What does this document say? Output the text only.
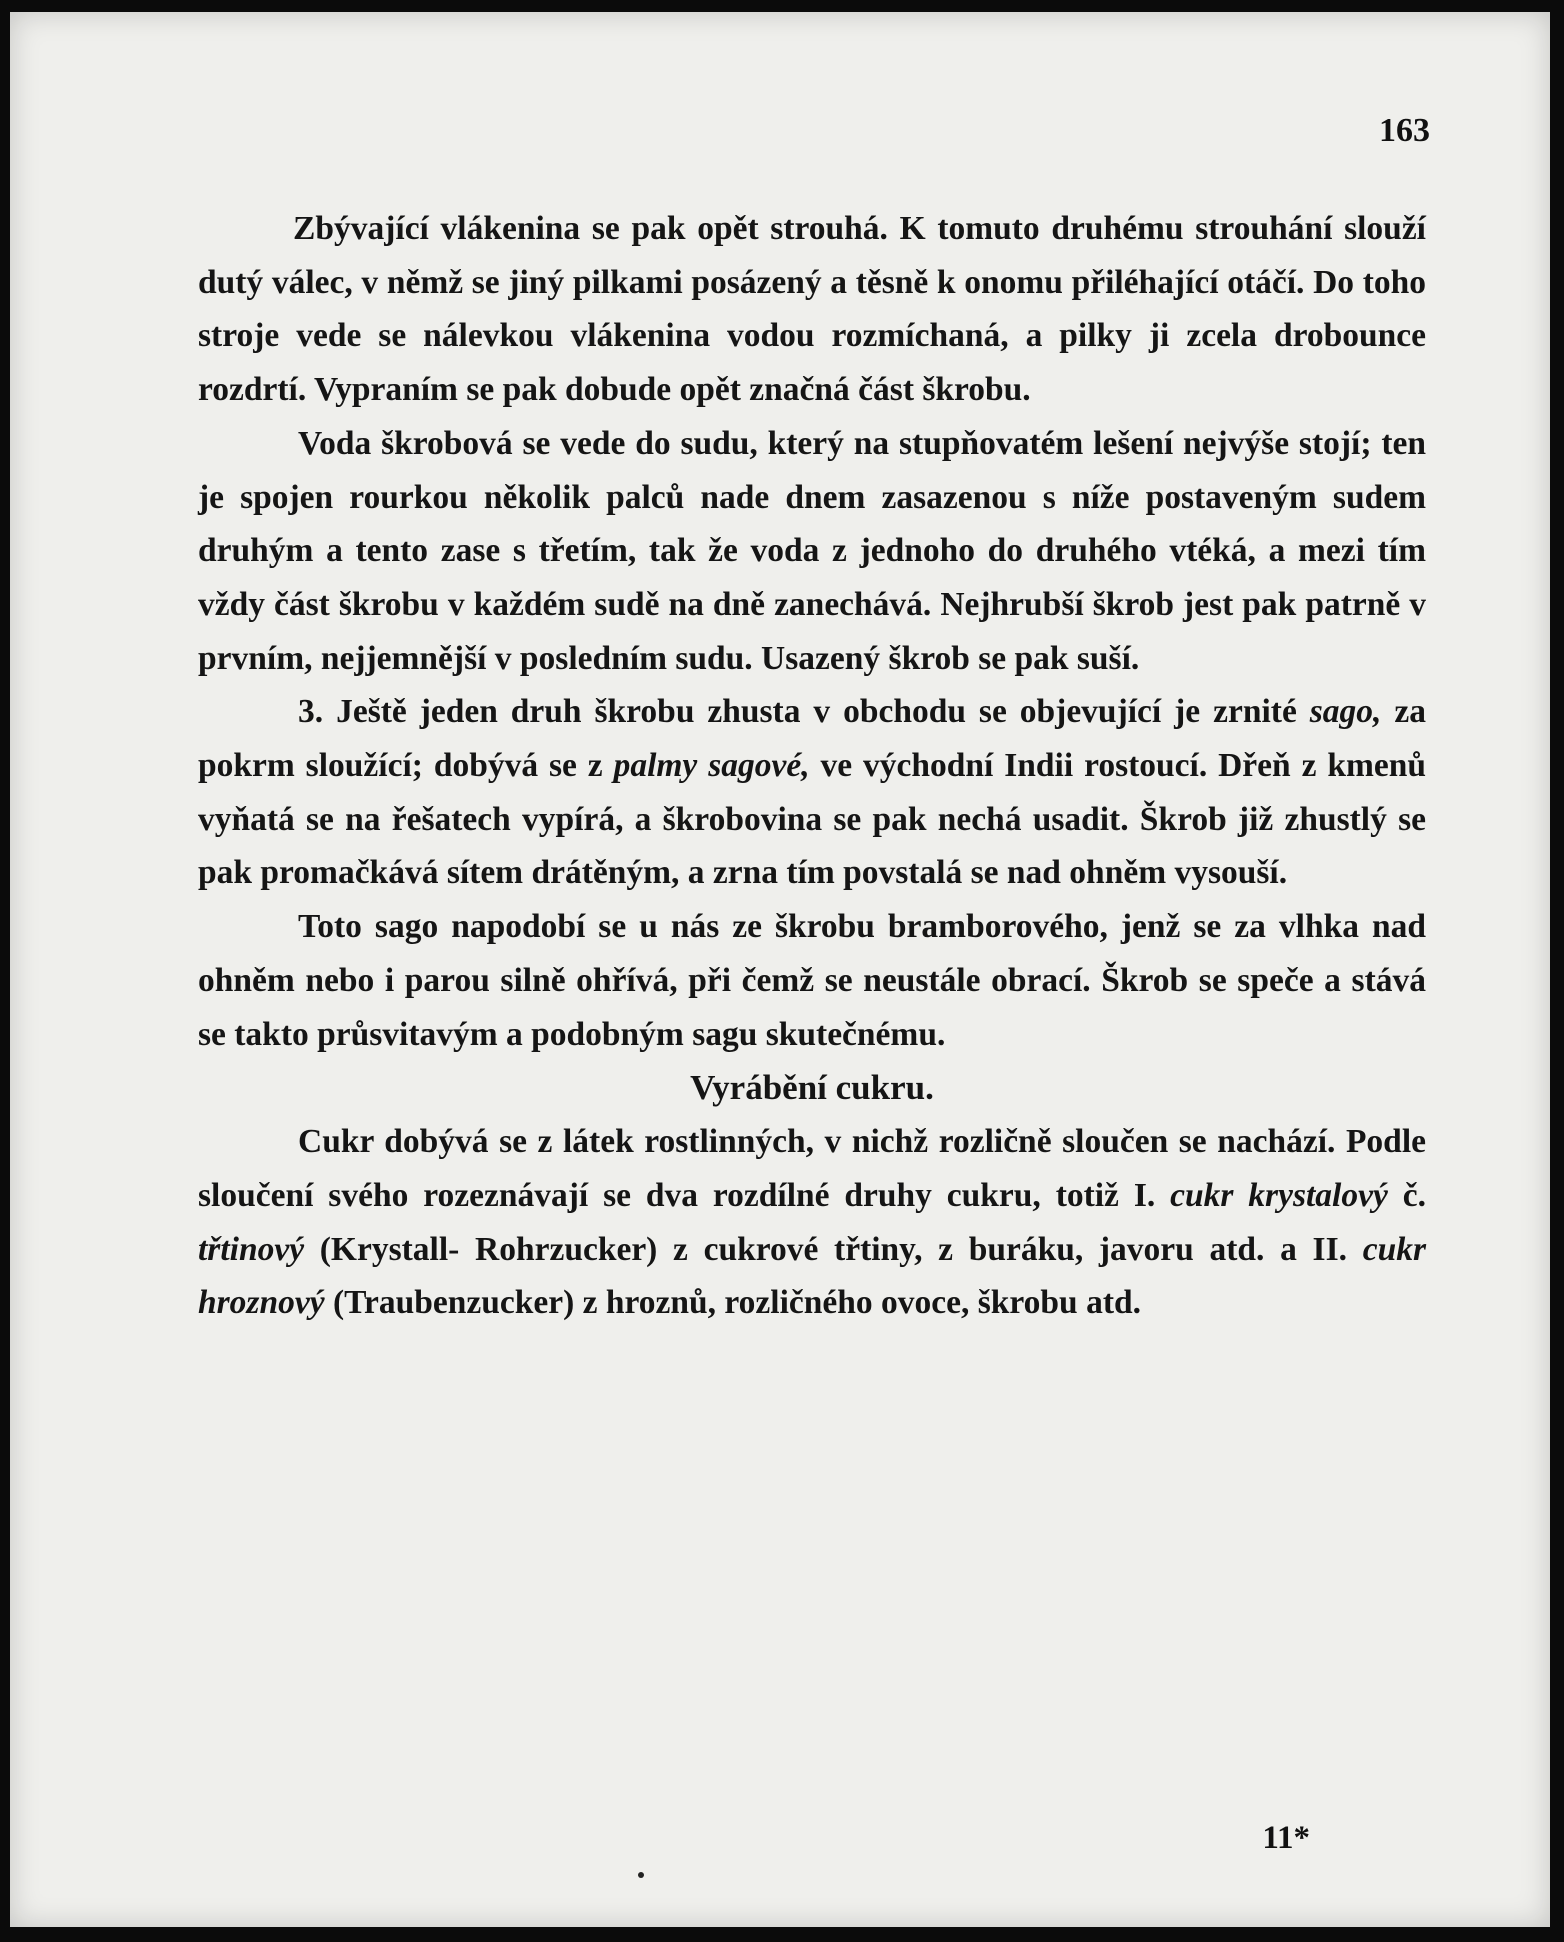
163

Zbývající vlákenina se pak opět strouhá. K tomuto druhému strouhání slouží dutý válec, v němž se jiný pilkami posázený a těsně k onomu přiléhající otáčí. Do toho stroje vede se nálevkou vlákenina vodou rozmíchaná, a pilky ji zcela drobounce rozdrtí. Vypraním se pak dobude opět značná část škrobu.

Voda škrobová se vede do sudu, který na stupňovatém lešení nejvýše stojí; ten je spojen rourkou několik palců nade dnem zasazenou s níže postaveným sudem druhým a tento zase s třetím, tak že voda z jednoho do druhého vtéká, a mezi tím vždy část škrobu v každém sudě na dně zanechává. Nejhrubší škrob jest pak patrně v prvním, nejjemnější v posledním sudu. Usazený škrob se pak suší.

3. Ještě jeden druh škrobu zhusta v obchodu se objevující je zrnité sago, za pokrm sloužící; dobývá se z palmy sagové, ve východní Indii rostoucí. Dřeň z kmenů vyňatá se na řešatech vypírá, a škrobovina se pak nechá usadit. Škrob již zhustlý se pak promačkává sítem drátěným, a zrna tím povstalá se nad ohněm vysouší.

Toto sago napodobí se u nás ze škrobu bramborového, jenž se za vlhka nad ohněm nebo i parou silně ohřívá, při čemž se neustále obrací. Škrob se speče a stává se takto průsvitavým a podobným sagu skutečnému.

Vyrábění cukru.

Cukr dobývá se z látek rostlinných, v nichž rozličně sloučen se nachází. Podle sloučení svého rozeznávají se dva rozdílné druhy cukru, totiž I. cukr krystalový č. třtinový (Krystall- Rohrzucker) z cukrové třtiny, z buráku, javoru atd. a II. cukr hroznový (Traubenzucker) z hroznů, rozličného ovoce, škrobu atd.

11*
